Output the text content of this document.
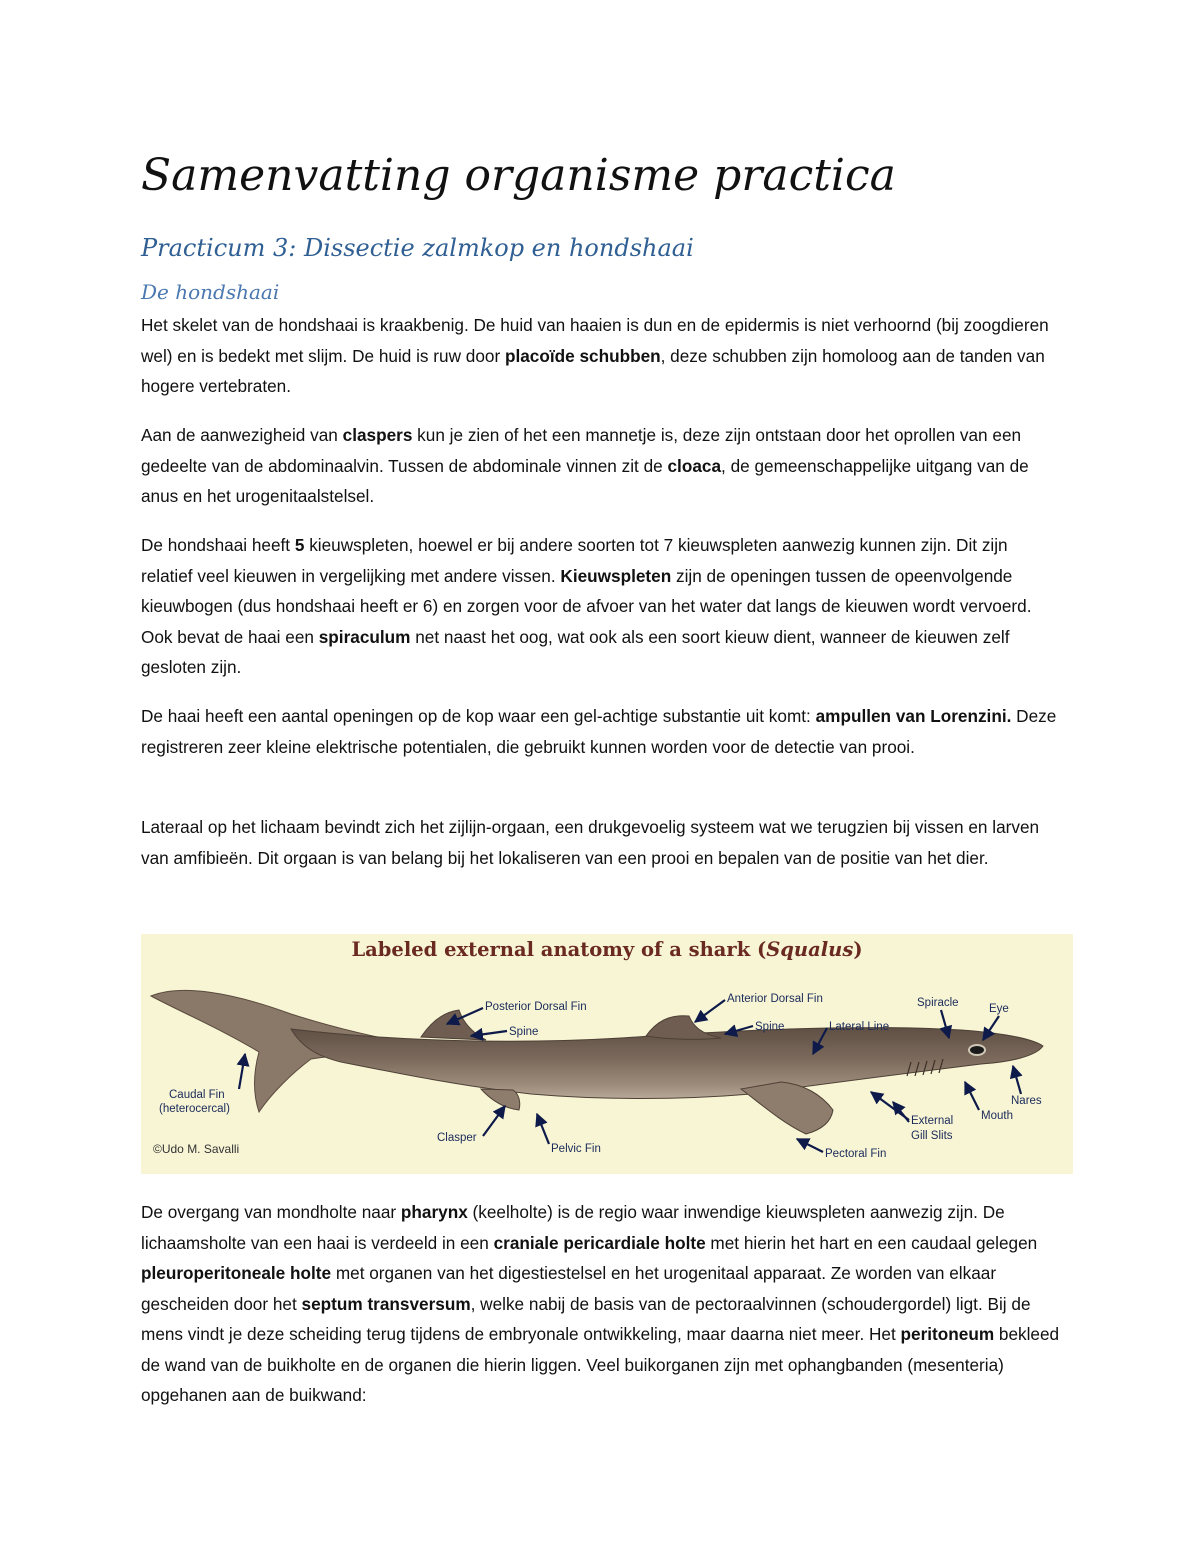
Samenvatting organisme practica
Practicum 3: Dissectie zalmkop en hondshaai
De hondshaai

Het skelet van de hondshaai is kraakbenig. De huid van haaien is dun en de epidermis is niet verhoornd (bij zoogdieren wel) en is bedekt met slijm. De huid is ruw door placoïde schubben, deze schubben zijn homoloog aan de tanden van hogere vertebraten.

Aan de aanwezigheid van claspers kun je zien of het een mannetje is, deze zijn ontstaan door het oprollen van een gedeelte van de abdominaalvin. Tussen de abdominale vinnen zit de cloaca, de gemeenschappelijke uitgang van de anus en het urogenitaalstelsel.

De hondshaai heeft 5 kieuwspleten, hoewel er bij andere soorten tot 7 kieuwspleten aanwezig kunnen zijn. Dit zijn relatief veel kieuwen in vergelijking met andere vissen. Kieuwspleten zijn de openingen tussen de opeenvolgende kieuwbogen (dus hondshaai heeft er 6) en zorgen voor de afvoer van het water dat langs de kieuwen wordt vervoerd. Ook bevat de haai een spiraculum net naast het oog, wat ook als een soort kieuw dient, wanneer de kieuwen zelf gesloten zijn.

De haai heeft een aantal openingen op de kop waar een gel-achtige substantie uit komt: ampullen van Lorenzini. Deze registreren zeer kleine elektrische potentialen, die gebruikt kunnen worden voor de detectie van prooi.

Lateraal op het lichaam bevindt zich het zijlijn-orgaan, een drukgevoelig systeem wat we terugzien bij vissen en larven van amfibieën. Dit orgaan is van belang bij het lokaliseren van een prooi en bepalen van de positie van het dier.

Labeled external anatomy of a shark (Squalus)
Posterior Dorsal Fin
Spine
Anterior Dorsal Fin
Spine	Lateral Line
Spiracle	Eye
Nares
Mouth
External
Gill Slits
Pectoral Fin
Pelvic Fin
Clasper
Caudal Fin
(heterocercal)
©Udo M. Savalli

De overgang van mondholte naar pharynx (keelholte) is de regio waar inwendige kieuwspleten aanwezig zijn. De lichaamsholte van een haai is verdeeld in een craniale pericardiale holte met hierin het hart en een caudaal gelegen pleuroperitoneale holte met organen van het digestiestelsel en het urogenitaal apparaat. Ze worden van elkaar gescheiden door het septum transversum, welke nabij de basis van de pectoraalvinnen (schoudergordel) ligt. Bij de mens vindt je deze scheiding terug tijdens de embryonale ontwikkeling, maar daarna niet meer. Het peritoneum bekleed de wand van de buikholte en de organen die hierin liggen. Veel buikorganen zijn met ophangbanden (mesenteria) opgehanen aan de buikwand:
